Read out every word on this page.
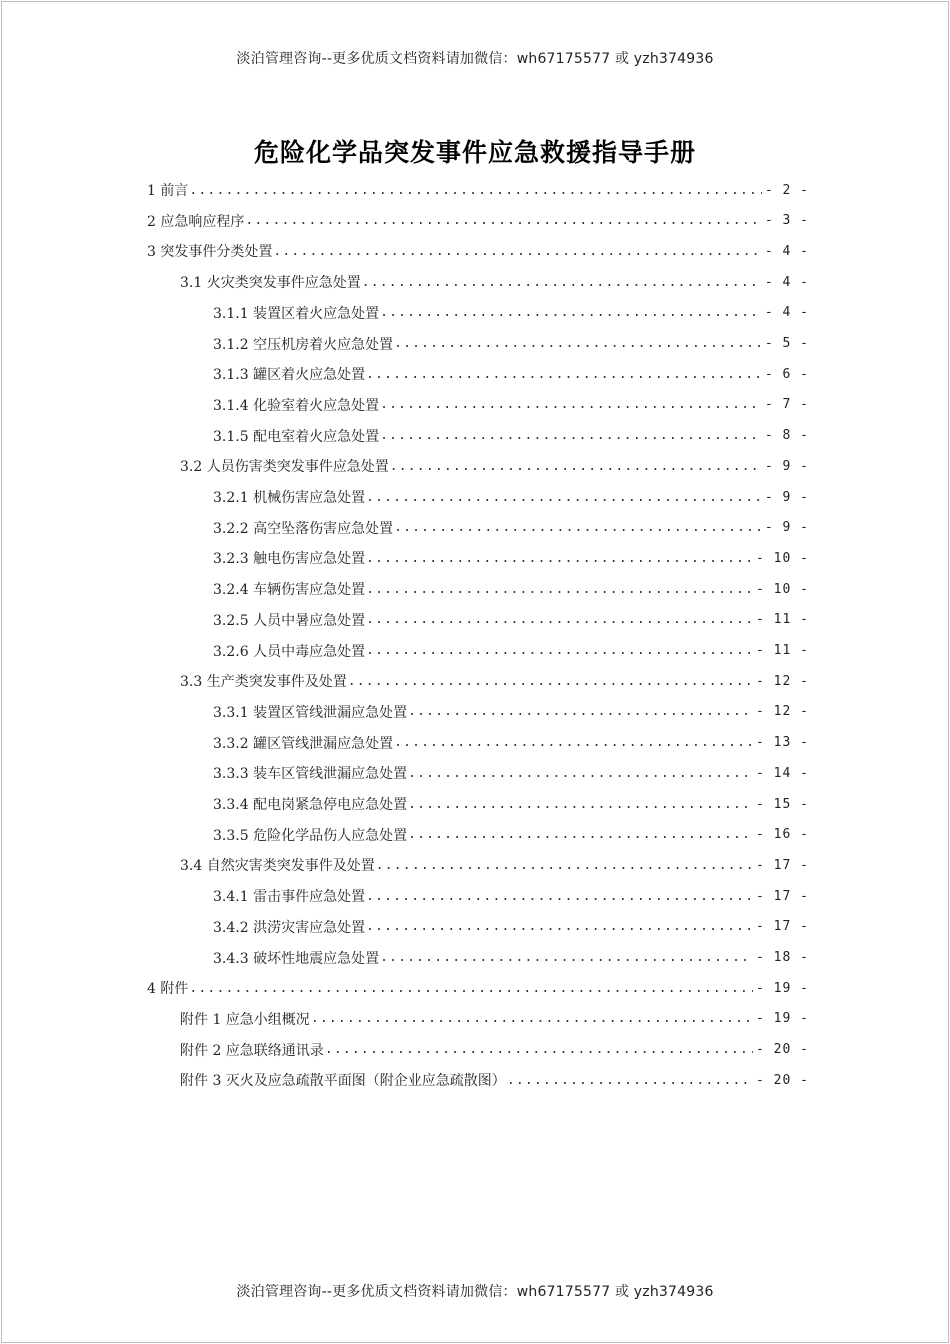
淡泊管理咨询--更多优质文档资料请加微信：wh67175577 或 yzh374936
危险化学品突发事件应急救援指导手册
1 前言 .....	- 2 -
2 应急响应程序 .....	- 3 -
3 突发事件分类处置 .....	- 4 -
3.1 火灾类突发事件应急处置 .....	- 4 -
3.1.1 装置区着火应急处置 .....	- 4 -
3.1.2 空压机房着火应急处置 .....	- 5 -
3.1.3 罐区着火应急处置 .....	- 6 -
3.1.4 化验室着火应急处置 .....	- 7 -
3.1.5 配电室着火应急处置 .....	- 8 -
3.2 人员伤害类突发事件应急处置 .....	- 9 -
3.2.1 机械伤害应急处置 .....	- 9 -
3.2.2 高空坠落伤害应急处置 .....	- 9 -
3.2.3 触电伤害应急处置 .....	- 10 -
3.2.4 车辆伤害应急处置 .....	- 10 -
3.2.5 人员中暑应急处置 .....	- 11 -
3.2.6 人员中毒应急处置 .....	- 11 -
3.3 生产类突发事件及处置 .....	- 12 -
3.3.1 装置区管线泄漏应急处置 .....	- 12 -
3.3.2 罐区管线泄漏应急处置 .....	- 13 -
3.3.3 装车区管线泄漏应急处置 .....	- 14 -
3.3.4 配电岗紧急停电应急处置 .....	- 15 -
3.3.5 危险化学品伤人应急处置 .....	- 16 -
3.4 自然灾害类突发事件及处置 .....	- 17 -
3.4.1 雷击事件应急处置 .....	- 17 -
3.4.2 洪涝灾害应急处置 .....	- 17 -
3.4.3 破坏性地震应急处置 .....	- 18 -
4 附件 .....	- 19 -
附件 1 应急小组概况 .....	- 19 -
附件 2 应急联络通讯录 .....	- 20 -
附件 3 灭火及应急疏散平面图（附企业应急疏散图） .....	- 20 -
淡泊管理咨询--更多优质文档资料请加微信：wh67175577 或 yzh374936
